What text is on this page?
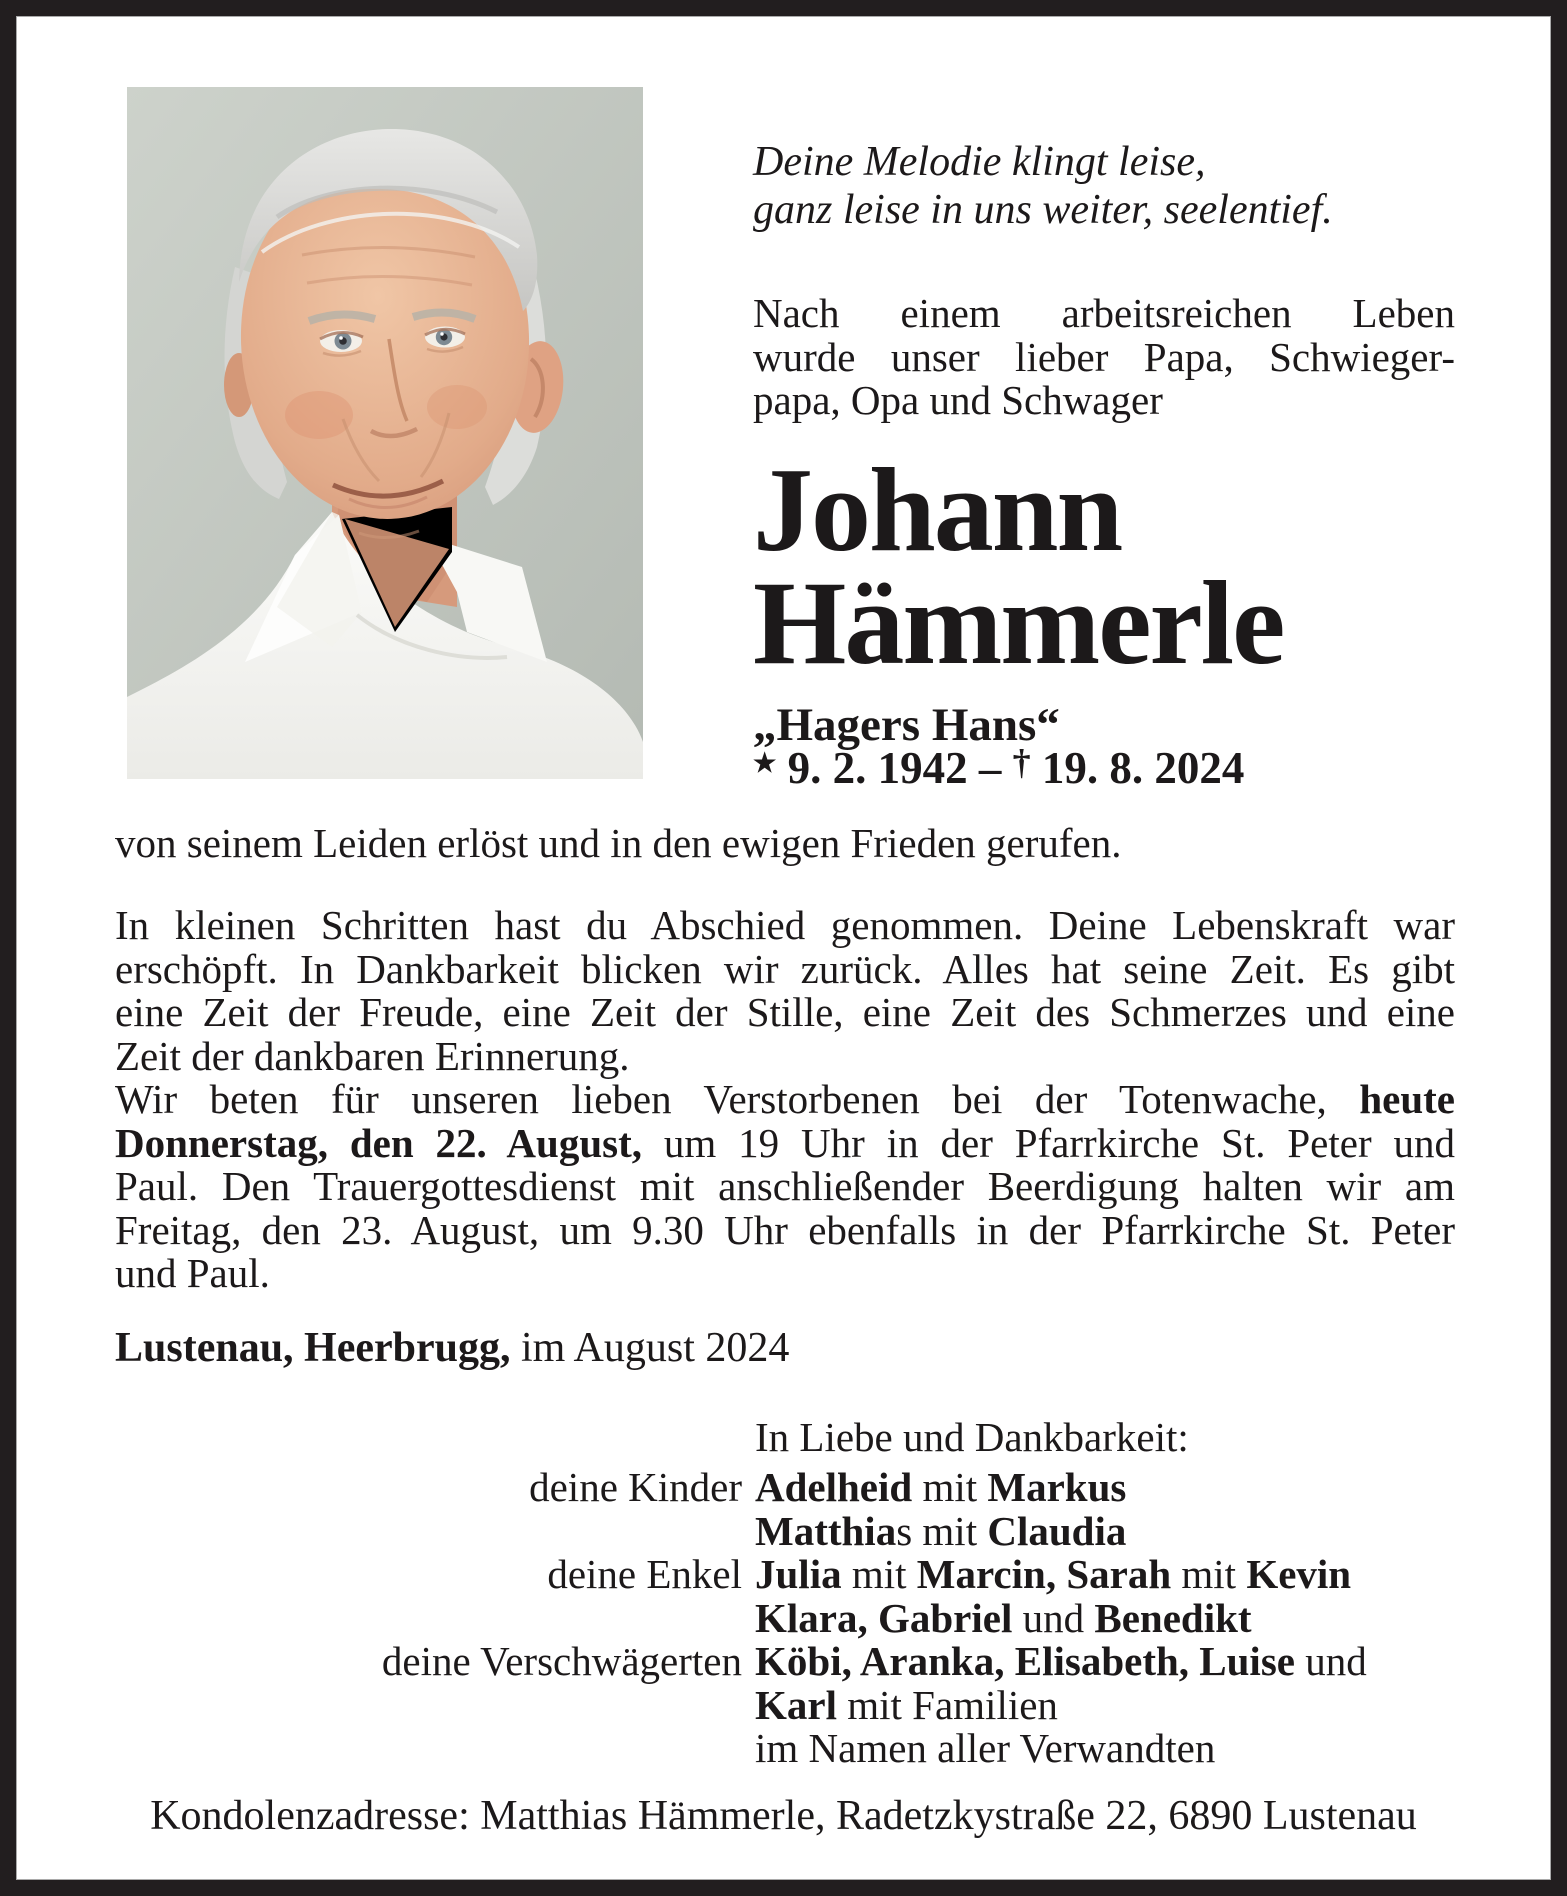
Deine Melodie klingt leise,
ganz leise in uns weiter, seelentief.
Nach einem arbeitsreichen Leben
wurde unser lieber Papa, Schwieger-
papa, Opa und Schwager
Johann
Hämmerle
„Hagers Hans“
★ 9. 2. 1942 – † 19. 8. 2024
von seinem Leiden erlöst und in den ewigen Frieden gerufen.
In kleinen Schritten hast du Abschied genommen. Deine Lebenskraft war
erschöpft. In Dankbarkeit blicken wir zurück. Alles hat seine Zeit. Es gibt
eine Zeit der Freude, eine Zeit der Stille, eine Zeit des Schmerzes und eine
Zeit der dankbaren Erinnerung.
Wir beten für unseren lieben Verstorbenen bei der Totenwache, heute
Donnerstag, den 22. August, um 19 Uhr in der Pfarrkirche St. Peter und
Paul. Den Trauergottesdienst mit anschließender Beerdigung halten wir am
Freitag, den 23. August, um 9.30 Uhr ebenfalls in der Pfarrkirche St. Peter
und Paul.
Lustenau, Heerbrugg, im August 2024
In Liebe und Dankbarkeit:
deine Kinder Adelheid mit Markus
Matthias mit Claudia
deine Enkel Julia mit Marcin, Sarah mit Kevin
Klara, Gabriel und Benedikt
deine Verschwägerten Köbi, Aranka, Elisabeth, Luise und
Karl mit Familien
im Namen aller Verwandten
Kondolenzadresse: Matthias Hämmerle, Radetzkystraße 22, 6890 Lustenau
